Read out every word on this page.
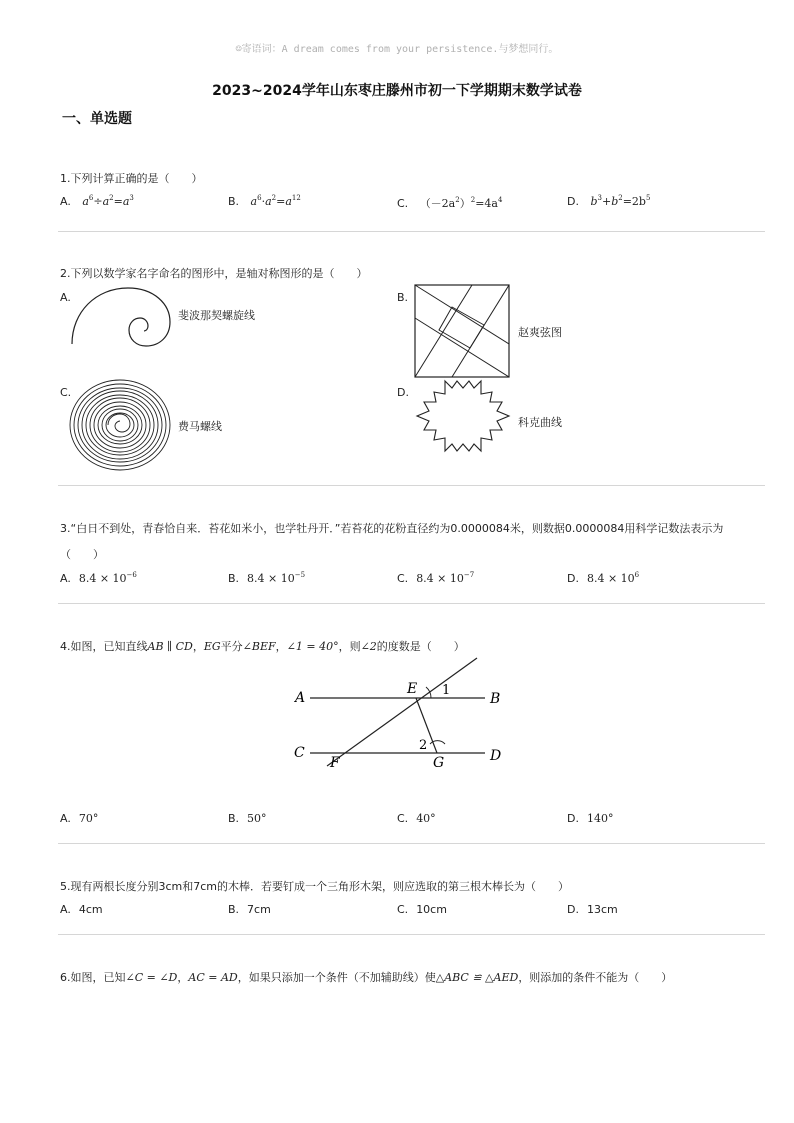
☺寄语词：A dream comes from your persistence.与梦想同行。
2023~2024学年山东枣庄滕州市初一下学期期末数学试卷
一、单选题
1.下列计算正确的是（　　）
A. $a^6\div a^2=a^3$	B. $a^6\cdot a^2=a^{12}$	C. $(-2a^2)^2=4a^4$	D. $b^3+b^2=2b^5$
2.下列以数学家名字命名的图形中，是轴对称图形的是（　　）
A.
斐波那契螺旋线
B.
赵爽弦图
C.
费马螺线
D.
科克曲线
3.“白日不到处，青春恰自来．苔花如米小，也学牡丹开．”若苔花的花粉直径约为0.0000084米，则数据0.0000084用科学记数法表示为
（　　）
A. $8.4 \times 10^{-6}$	B. $8.4 \times 10^{-5}$	C. $8.4 \times 10^{-7}$	D. $8.4 \times 10^6$
4.如图，已知直线AB ∥ CD，EG平分∠BEF，∠1 = 40°，则∠2的度数是（　　）
A	B
C	D
E
F	G
1
2
A. 70°	B. 50°	C. 40°	D. 140°
5.现有两根长度分别3cm和7cm的木棒．若要钉成一个三角形木架，则应选取的第三根木棒长为（　　）
A. 4cm	B. 7cm	C. 10cm	D. 13cm
6.如图，已知∠C = ∠D，AC = AD，如果只添加一个条件（不加辅助线）使△ABC ≌ △AED，则添加的条件不能为（　　）
